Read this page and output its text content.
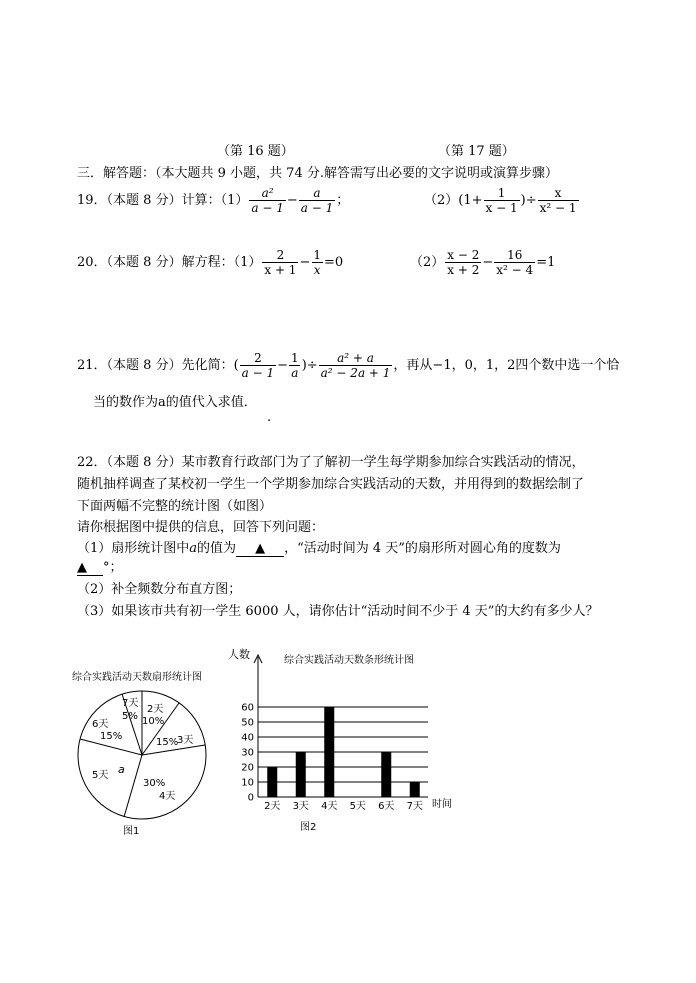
（第 16 题）	（第 17 题）
三．解答题：（本大题共 9 小题，共 74 分.解答需写出必要的文字说明或演算步骤）
19．（本题 8 分）计算：$(1) \frac{\text{a²}}{a - 1} - \frac{a}{a - 1}$ ；	$(2)(1+ \frac{1}{x - 1}$ )÷ $\frac{x}{\text{x² − 1}}$
20．（本题 8 分）解方程：$(1) \frac{2}{x + 1} - \frac{1}{x} =0$	$(2) \frac{x - 2}{x + 2} - \frac{16}{\text{x² − 4}} =1$
21．（本题 8 分）先化简：( $\frac{2}{a - 1} - \frac{1}{a}$ )÷ $\frac{\text{a² + a}}{\text{a² − 2a + 1}}$ ，再从−1，0，1，2四个数中选一个恰
当的数作为a的值代入求值．
.
22．（本题 8 分）某市教育行政部门为了了解初一学生每学期参加综合实践活动的情况，
随机抽样调查了某校初一学生一个学期参加综合实践活动的天数，并用得到的数据绘制了
下面两幅不完整的统计图（如图）
请你根据图中提供的信息，回答下列问题：
（1）扇形统计图中a的值为 ▲ ，“活动时间为 4 天”的扇形所对圆心角的度数为
▲ °；
（2）补全频数分布直方图；
（3）如果该市共有初一学生 6000 人，请你估计“活动时间不少于 4 天”的大约有多少人？
综合实践活动天数扇形统计图
2天
10%
3天
15%
30%
4天
5天 a
6天
15%
7天
5%
图1
0
10
20
30
40
50
60
2天 3天 4天 5天 6天 7天
人数	综合实践活动天数条形统计图
时间
图2
